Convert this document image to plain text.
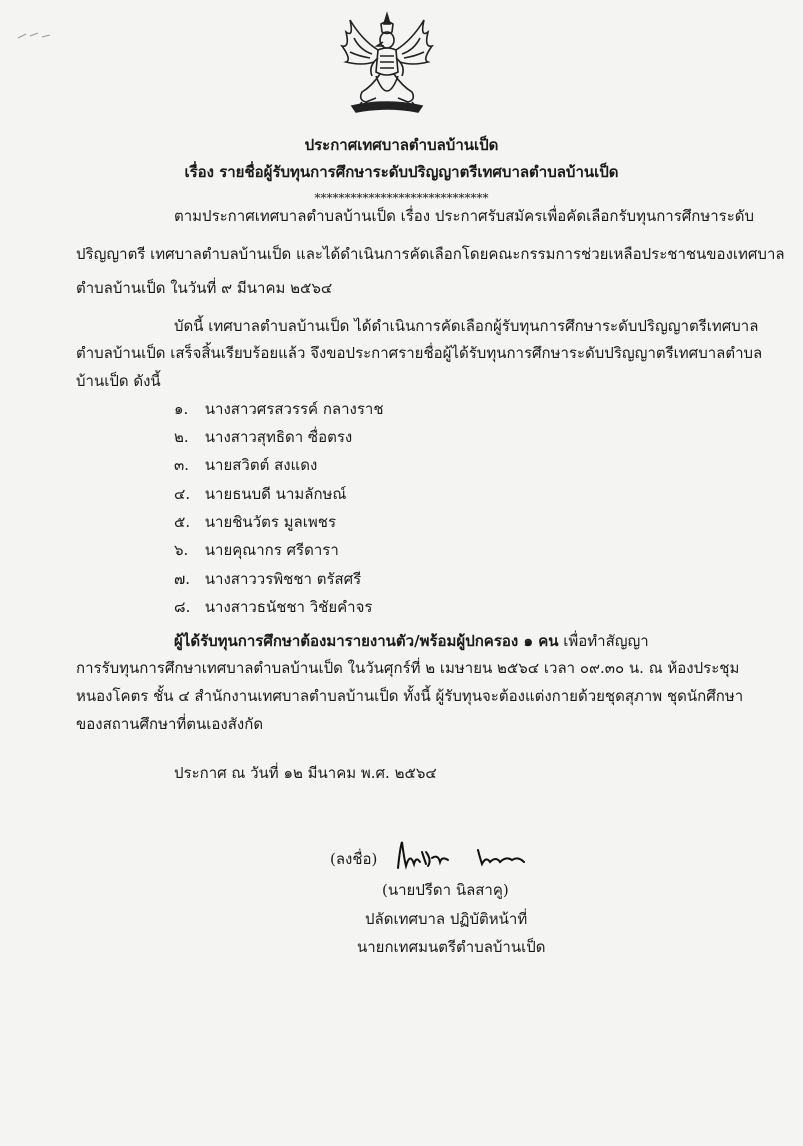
ประกาศเทศบาลตำบลบ้านเป็ด
เรื่อง รายชื่อผู้รับทุนการศึกษาระดับปริญญาตรีเทศบาลตำบลบ้านเป็ด
*****************************
ตามประกาศเทศบาลตำบลบ้านเป็ด เรื่อง ประกาศรับสมัครเพื่อคัดเลือกรับทุนการศึกษาระดับ
ปริญญาตรี เทศบาลตำบลบ้านเป็ด และได้ดำเนินการคัดเลือกโดยคณะกรรมการช่วยเหลือประชาชนของเทศบาล
ตำบลบ้านเป็ด ในวันที่ ๙ มีนาคม ๒๕๖๔
บัดนี้ เทศบาลตำบลบ้านเป็ด ได้ดำเนินการคัดเลือกผู้รับทุนการศึกษาระดับปริญญาตรีเทศบาล
ตำบลบ้านเป็ด เสร็จสิ้นเรียบร้อยแล้ว จึงขอประกาศรายชื่อผู้ได้รับทุนการศึกษาระดับปริญญาตรีเทศบาลตำบล
บ้านเป็ด ดังนี้
๑. นางสาวศรสวรรค์ กลางราช
๒. นางสาวสุทธิดา ซื่อตรง
๓. นายสวิตต์ สงแดง
๔. นายธนบดี นามลักษณ์
๕. นายชินวัตร มูลเพชร
๖. นายคุณากร ศรีดารา
๗. นางสาววรพิชชา ตรัสศรี
๘. นางสาวธนัชชา วิชัยคำจร
ผู้ได้รับทุนการศึกษาต้องมารายงานตัว/พร้อมผู้ปกครอง ๑ คน เพื่อทำสัญญา
การรับทุนการศึกษาเทศบาลตำบลบ้านเป็ด ในวันศุกร์ที่ ๒ เมษายน ๒๕๖๔ เวลา ๐๙.๓๐ น. ณ ห้องประชุม
หนองโคตร ชั้น ๔ สำนักงานเทศบาลตำบลบ้านเป็ด ทั้งนี้ ผู้รับทุนจะต้องแต่งกายด้วยชุดสุภาพ ชุดนักศึกษา
ของสถานศึกษาที่ตนเองสังกัด
ประกาศ ณ วันที่ ๑๒ มีนาคม พ.ศ. ๒๕๖๔
(ลงชื่อ)
(นายปรีดา นิลสาคู)
ปลัดเทศบาล ปฏิบัติหน้าที่
นายกเทศมนตรีตำบลบ้านเป็ด
